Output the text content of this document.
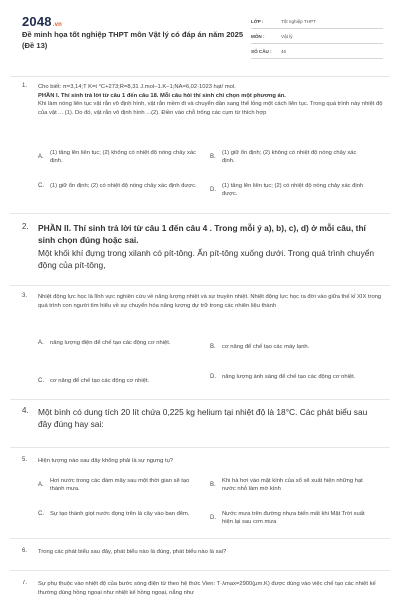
2048.vn
Đề minh họa tốt nghiệp THPT môn Vật lý có đáp án năm 2025 (Đề 13)
LỚP :	Tốt nghiệp THPT
MÔN :	Vật lý
SỐ CÂU :	46
1. Cho biết: π=3,14;T K=t °C+273;R=8,31 J.mol−1.K−1;NA=6,02·1023 hạt/ mol.
PHẦN I. Thí sinh trả lời từ câu 1 đến câu 18. Mỗi câu hỏi thí sinh chỉ chọn một phương án.
Khi làm nóng liên tục vật rắn vô định hình, vật rắn mềm đi và chuyển dần sang thể lỏng một cách liên tục. Trong quá trình này nhiệt độ của vật ... (1). Do đó, vật rắn vô định hình ...(2). Điền vào chỗ trống các cụm từ thích hợp
A.
(1) tăng lên liên tục; (2) không có nhiệt độ nóng chảy xác định.
B.
(1) giữ ổn định; (2) không có nhiệt độ nóng chảy xác định.
C.	(1) giữ ổn định; (2) có nhiệt độ nóng chảy xác định được.
D.
(1) tăng lên liên tục; (2) có nhiệt độ nóng chảy xác định được.
2. PHẦN II. Thí sinh trả lời từ câu 1 đến câu 4 . Trong mỗi ý a), b), c), d) ở mỗi câu, thí sinh chọn đúng hoặc sai.
Một khối khí đựng trong xilanh có pít-tông. Ấn pít-tông xuống dưới. Trong quá trình chuyển động của pít-tông,
3. Nhiệt động lực học là lĩnh vực nghiên cứu về năng lượng nhiệt và sự truyền nhiệt. Nhiệt động lực học ra đời vào giữa thế kỉ XIX trong quá trình con người tìm hiểu về sự chuyển hóa năng lượng dự trữ trong các nhiên liệu thành
A.	năng lượng điện để chế tạo các động cơ nhiệt.
B.	cơ năng để chế tạo các máy lạnh.
C.	cơ năng để chế tạo các động cơ nhiệt.
D.	năng lượng ánh sáng để chế tạo các động cơ nhiệt.
4. Một bình có dung tích 20 lít chứa 0,225 kg helium tại nhiệt độ là 18°C. Các phát biểu sau đây đúng hay sai:
5. Hiện tượng nào sau đây không phải là sự ngưng tụ?
A.
Hơi nước trong các đám mây sau một thời gian sẽ tạo thành mưa.
B.
Khi hà hơi vào mặt kính của sổ sẽ xuất hiện những hạt nước nhỏ làm mờ kính
C.	Sự tạo thành giọt nước đọng trên lá cây vào ban đêm.
D.
Nước mưa trên đường nhựa biến mất khi Mặt Trời xuất hiện lại sau cơn mưa
6. Trong các phát biểu sau đây, phát biểu nào là đúng, phát biểu nào là sai?
7. Sự phụ thuộc vào nhiệt độ của bước sóng điện từ theo hệ thức Vien: T·λmax=2900(μm.K) được dùng vào việc chế tạo các nhiệt kế thường dùng hồng ngoại như nhiệt kế hồng ngoại, nắng như
